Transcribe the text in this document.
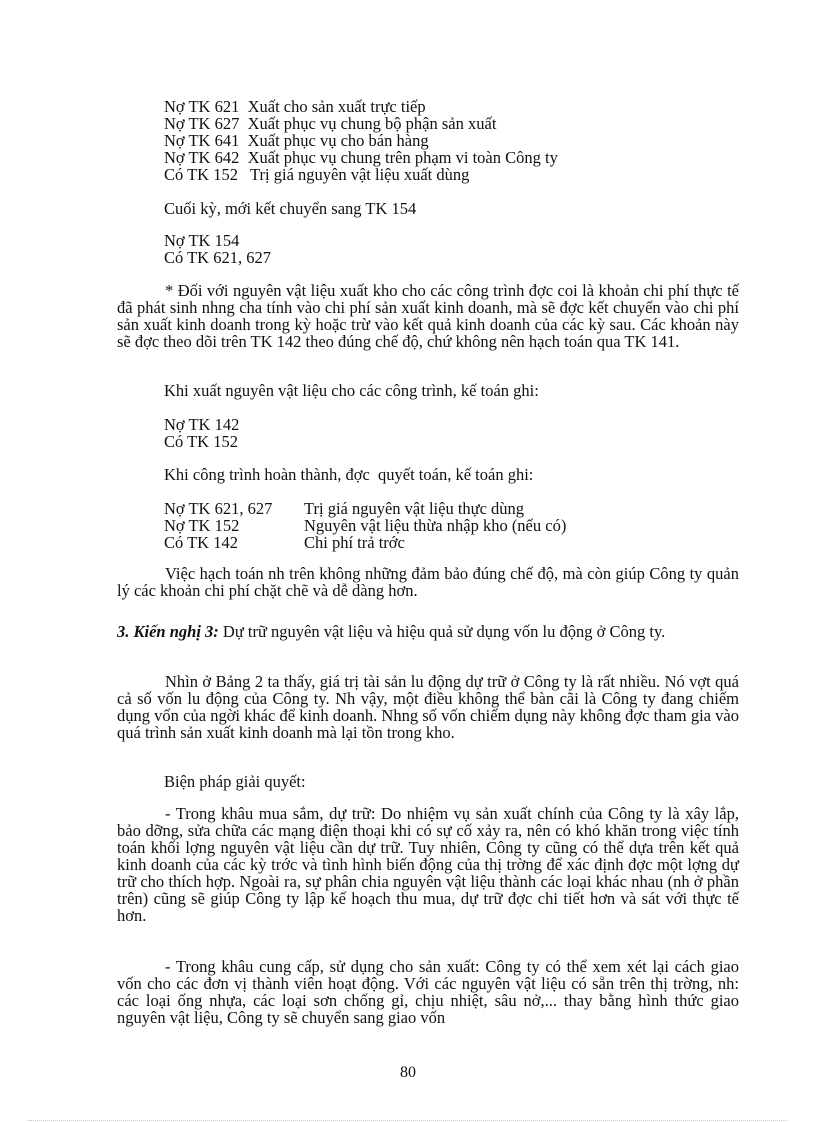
Nợ TK 621  Xuất cho sản xuất trực tiếp
Nợ TK 627  Xuất phục vụ chung bộ phận sản xuất
Nợ TK 641  Xuất phục vụ cho bán hàng
Nợ TK 642  Xuất phục vụ chung trên phạm vi toàn Công ty
Có TK 152   Trị giá nguyên vật liệu xuất dùng
Cuối kỳ, mới kết chuyển sang TK 154
Nợ TK 154
Có TK 621, 627
* Đối với nguyên vật liệu xuất kho cho các công trình đợc coi là khoản chi phí thực tế đã phát sinh nhng cha tính vào chi phí sản xuất kinh doanh, mà sẽ đợc kết chuyển vào chi phí sản xuất kinh doanh trong kỳ hoặc trừ vào kết quả kinh doanh của các kỳ sau. Các khoản này sẽ đợc theo dõi trên TK 142 theo đúng chế độ, chứ không nên hạch toán qua TK 141.
Khi xuất nguyên vật liệu cho các công trình, kế toán ghi:
Nợ TK 142
Có TK 152
Khi công trình hoàn thành, đợc  quyết toán, kế toán ghi:
Nợ TK 621, 627	Trị giá nguyên vật liệu thực dùng
Nợ TK 152	Nguyên vật liệu thừa nhập kho (nếu có)
Có TK 142	Chi phí trả trớc
Việc hạch toán nh trên không những đảm bảo đúng chế độ, mà còn giúp Công ty quản lý các khoản chi phí chặt chẽ và dễ dàng hơn.
3. Kiến nghị 3: Dự trữ nguyên vật liệu và hiệu quả sử dụng vốn lu động ở Công ty.
Nhìn ở Bảng 2 ta thấy, giá trị tài sản lu động dự trữ ở Công ty là rất nhiều. Nó vợt quá cả số vốn lu động của Công ty. Nh vậy, một điều không thể bàn cãi là Công ty đang chiếm dụng vốn của ngời khác để kinh doanh. Nhng số vốn chiếm dụng này không đợc tham gia vào quá trình sản xuất kinh doanh mà lại tồn trong kho.
Biện pháp giải quyết:
- Trong khâu mua sắm, dự trữ: Do nhiệm vụ sản xuất chính của Công ty là xây lắp, bảo dỡng, sửa chữa các mạng điện thoại khi có sự cố xảy ra, nên có khó khăn trong việc tính toán khối lợng nguyên vật liệu cần dự trữ. Tuy nhiên, Công ty cũng có thể dựa trên kết quả kinh doanh của các kỳ trớc và tình hình biến động của thị trờng để xác định đợc một lợng dự trữ cho thích hợp. Ngoài ra, sự phân chia nguyên vật liệu thành các loại khác nhau (nh ở phần trên) cũng sẽ giúp Công ty lập kế hoạch thu mua, dự trữ đợc chi tiết hơn và sát với thực tế hơn.
- Trong khâu cung cấp, sử dụng cho sản xuất: Công ty có thể xem xét lại cách giao vốn cho các đơn vị thành viên hoạt động. Với các nguyên vật liệu có sẵn trên thị trờng, nh: các loại ống nhựa, các loại sơn chống gỉ, chịu nhiệt, sâu nở,... thay bằng hình thức giao nguyên vật liệu, Công ty sẽ chuyển sang giao vốn
80
